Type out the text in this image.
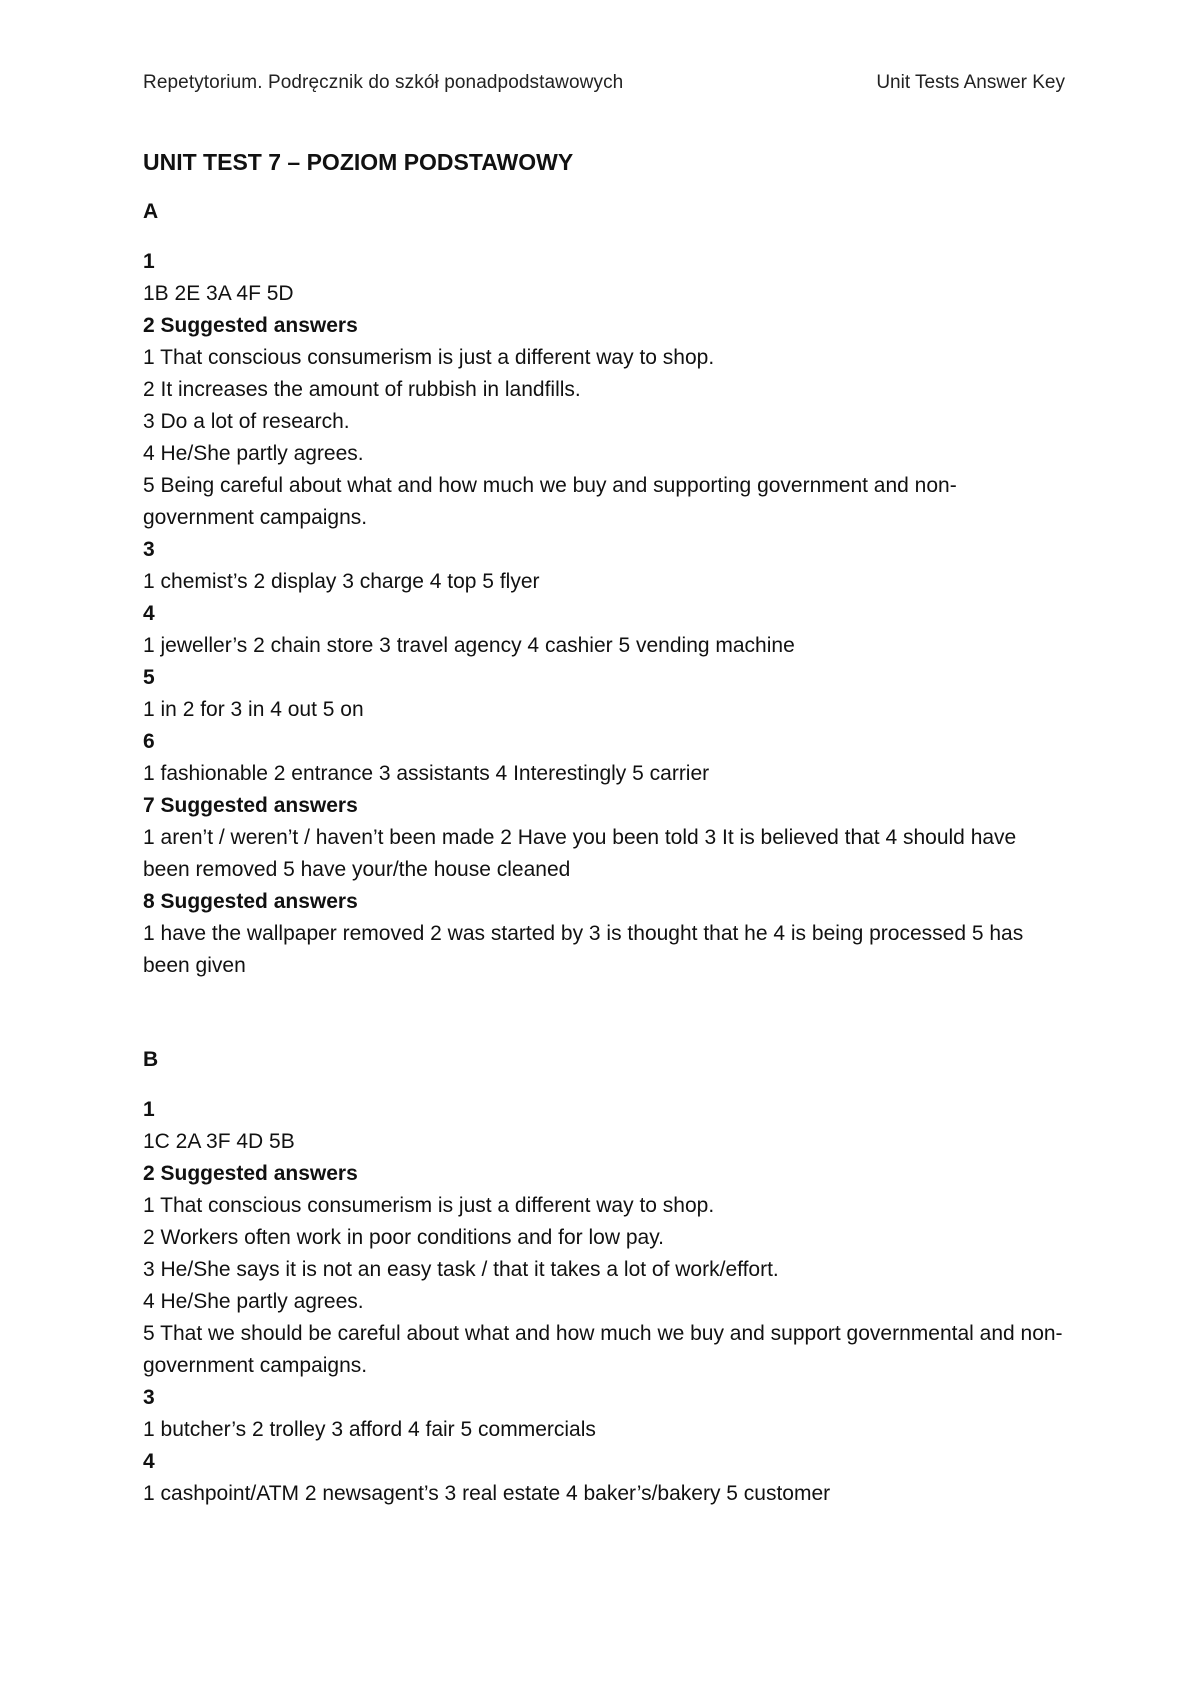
Repetytorium. Podręcznik do szkół ponadpodstawowych	Unit Tests Answer Key
UNIT TEST 7 – POZIOM PODSTAWOWY
A

1

1B 2E 3A 4F 5D

2 Suggested answers

1 That conscious consumerism is just a different way to shop.

2 It increases the amount of rubbish in landfills.

3 Do a lot of research.

4 He/She partly agrees.

5 Being careful about what and how much we buy and supporting government and non-government campaigns.

3

1 chemist’s 2 display 3 charge 4 top 5 flyer

4

1 jeweller’s 2 chain store 3 travel agency 4 cashier 5 vending machine

5

1 in 2 for 3 in 4 out 5 on

6

1 fashionable 2 entrance 3 assistants 4 Interestingly 5 carrier

7 Suggested answers

1 aren’t / weren’t / haven’t been made 2 Have you been told 3 It is believed that 4 should have been removed 5 have your/the house cleaned

8 Suggested answers

1 have the wallpaper removed 2 was started by 3 is thought that he 4 is being processed 5 has been given

B

1

1C 2A 3F 4D 5B

2 Suggested answers

1 That conscious consumerism is just a different way to shop.

2 Workers often work in poor conditions and for low pay.

3 He/She says it is not an easy task / that it takes a lot of work/effort.

4 He/She partly agrees.

5 That we should be careful about what and how much we buy and support governmental and non-government campaigns.

3

1 butcher’s 2 trolley 3 afford 4 fair 5 commercials

4

1 cashpoint/ATM 2 newsagent’s 3 real estate 4 baker’s/bakery 5 customer
